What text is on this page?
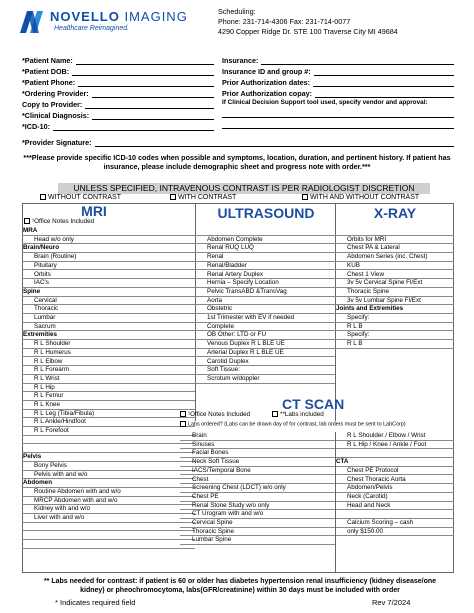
NOVELLO IMAGING
Healthcare Reimagined.
Scheduling:
Phone: 231-714-4306 Fax: 231-714-0077
4290 Copper Ridge Dr. STE 100 Traverse City MI 49684
*Patient Name:
*Patient DOB:
*Patient Phone:
*Ordering Provider:
Copy to Provider:
*Clinical Diagnosis:
*ICD-10:
Insurance:
Insurance ID and group #:
Prior Authorization dates:
Prior Authorization copay:
If Clinical Decision Support tool used, specify vendor and approval:
*Provider Signature:
***Please provide specific ICD-10 codes when possible and symptoms, location, duration, and pertinent history. If patient has insurance, please include demographic sheet and progress note with order.***
UNLESS SPECIFIED, INTRAVENOUS CONTRAST IS PER RADIOLOGIST DISCRETION
WITHOUT CONTRAST	WITH CONTRAST	WITH AND WITHOUT CONTRAST
MRI	ULTRASOUND	X-RAY
¹Office Notes Included
MRA
Head w/o only
Brain/Neuro
Brain (Routine)
Pituitary
Orbits
IAC's
Spine
Cervical
Thoracic
Lumbar
Sacrum
Extremities
R L Shoulder
R L Humerus
R L Elbow
R L Forearm
R L Wrist
R L Hip
R L Femur
R L Knee
R L Leg (Tibia/Fibula)
R L Ankle/Hindfoot
R L Forefoot
Pelvis
Bony Pelvis
Pelvis with and w/o
Abdomen
Routine Abdomen with and w/o
MRCP Abdomen with and w/o
Kidney with and w/o
Liver with and w/o
Abdomen Complete
Renal RUQ LUQ
Renal
Renal/Bladder
Renal Artery Duplex
Hernia – Specify Location
Pelvic TransABD &TransVag
Aorta
Obstetric
1st Trimester with EV if needed
Complete
OB Other: LTD or FU
Venous Duplex R L BLE UE
Arterial Duplex R L BLE UE
Carotid Duplex
Soft Tissue:
Scrotum w/doppler
Orbits for MRI
Chest PA & Lateral
Abdomen Series (inc. Chest)
KUB
Chest 1 View
3v 5v Cervical Spine Fl/Ext
Thoracic Spine
3v 5v Lumbar Spine Fl/Ext
Joints and Extremities
Specify:
R L B
Specify:
R L B
CT SCAN
¹Office Notes Included	**Labs included
Labs ordered? (Labs can be drawn day of for contrast, lab orders must be sent to LabCorp)
Brain
Sinuses
Facial Bones
Neck Soft Tissue
IACS/Temporal Bone
Chest
Screening Chest (LDCT) w/o only
Chest PE
Renal Stone Study w/o only
CT Urogram with and w/o
Cervical Spine
Thoracic Spine
Lumbar Spine
R L Shoulder / Elbow / Wrist
R L Hip / Knee / Ankle / Foot
CTA
Chest PE Protocol
Chest Thoracic Aorta
Abdomen/Pelvis
Neck (Carotid)
Head and Neck
Calcium Scoring – cash
only $150.00
** Labs needed for contrast: if patient is 60 or older has diabetes hypertension renal insufficiency (kidney disease/one kidney) or pheochromocytoma, labs(GFR/creatinine) within 30 days must be included with order
* Indicates required field	Rev 7/2024
